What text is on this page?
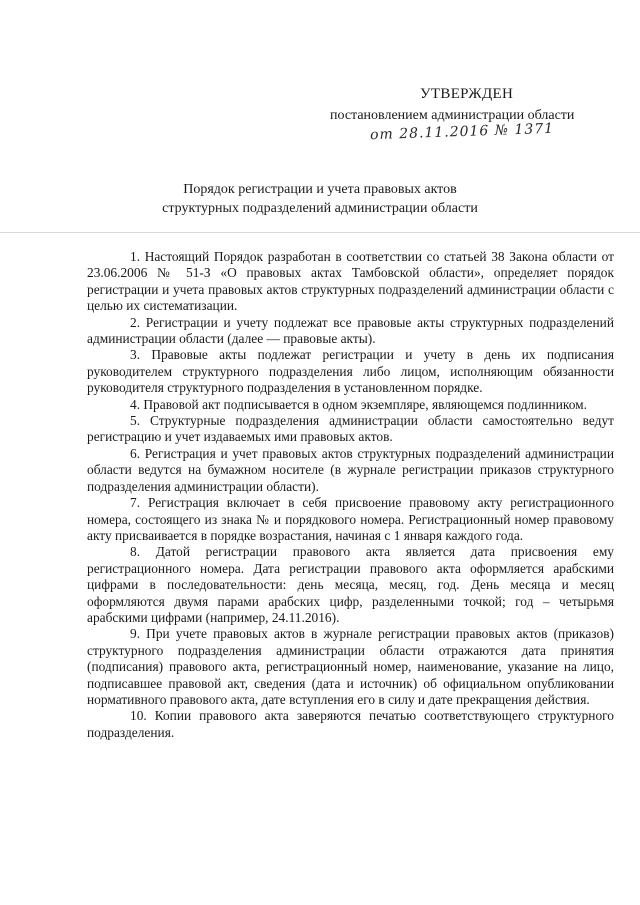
УТВЕРЖДЕН
постановлением администрации области
от 28.11.2016 № 1371
Порядок регистрации и учета правовых актов
структурных подразделений администрации области

1. Настоящий Порядок разработан в соответствии со статьей 38 Закона области от 23.06.2006 № 51-З «О правовых актах Тамбовской области», определяет порядок регистрации и учета правовых актов структурных подразделений администрации области с целью их систематизации.

2. Регистрации и учету подлежат все правовые акты структурных подразделений администрации области (далее — правовые акты).

3. Правовые акты подлежат регистрации и учету в день их подписания руководителем структурного подразделения либо лицом, исполняющим обязанности руководителя структурного подразделения в установленном порядке.

4. Правовой акт подписывается в одном экземпляре, являющемся подлинником.

5. Структурные подразделения администрации области самостоятельно ведут регистрацию и учет издаваемых ими правовых актов.

6. Регистрация и учет правовых актов структурных подразделений администрации области ведутся на бумажном носителе (в журнале регистрации приказов структурного подразделения администрации области).

7. Регистрация включает в себя присвоение правовому акту регистрационного номера, состоящего из знака № и порядкового номера. Регистрационный номер правовому акту присваивается в порядке возрастания, начиная с 1 января каждого года.

8. Датой регистрации правового акта является дата присвоения ему регистрационного номера. Дата регистрации правового акта оформляется арабскими цифрами в последовательности: день месяца, месяц, год. День месяца и месяц оформляются двумя парами арабских цифр, разделенными точкой; год – четырьмя арабскими цифрами (например, 24.11.2016).

9. При учете правовых актов в журнале регистрации правовых актов (приказов) структурного подразделения администрации области отражаются дата принятия (подписания) правового акта, регистрационный номер, наименование, указание на лицо, подписавшее правовой акт, сведения (дата и источник) об официальном опубликовании нормативного правового акта, дате вступления его в силу и дате прекращения действия.

10. Копии правового акта заверяются печатью соответствующего структурного подразделения.
